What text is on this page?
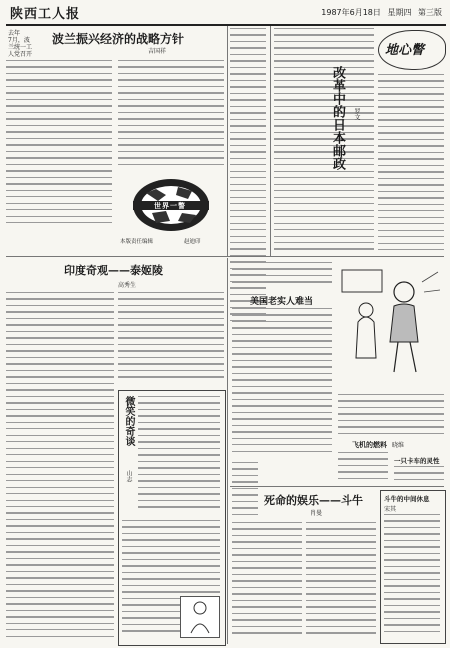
陕西工人报	1987年6月18日 星期四 第三版
去年
7月，波
兰统一工
人党召开
波兰振兴经济的战略方针
吉国祥
世界一瞥
本版责任编辑	赵迪印
地心瞥
改革中的日本邮政 罗文
印度奇观——泰姬陵
高秀生
微笑的奇谈
山志
美国老实人难当
飞机的燃料 晓维
一只卡车的灵性
死命的娱乐——斗牛
肖曼
斗牛的中间休息
宋其
